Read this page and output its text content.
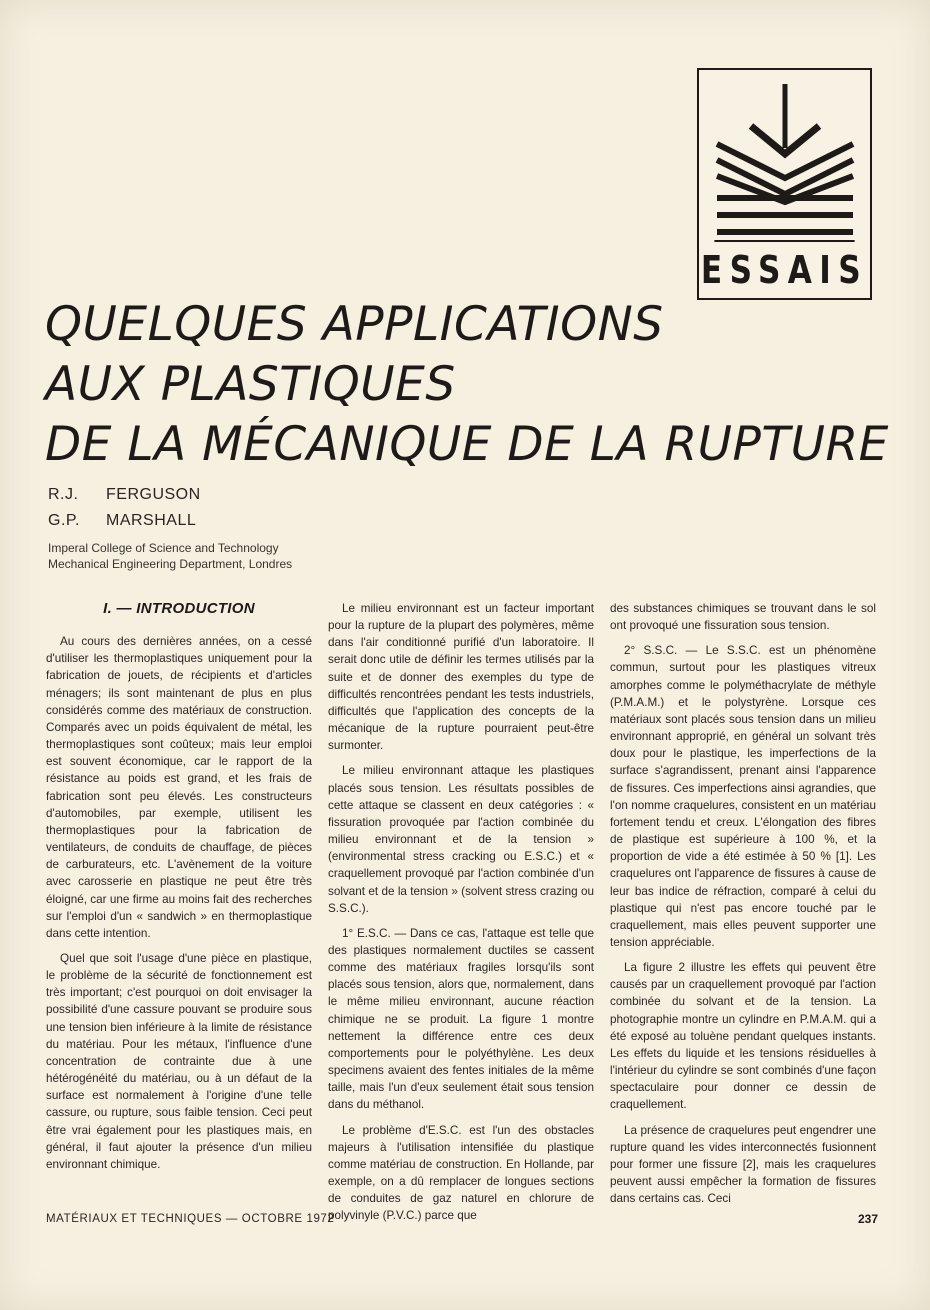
ESSAIS
QUELQUES APPLICATIONS
AUX PLASTIQUES
DE LA MÉCANIQUE DE LA RUPTURE
R.J.	FERGUSON
G.P.	MARSHALL
Imperal College of Science and Technology
Mechanical Engineering Department, Londres
I. — INTRODUCTION

Au cours des dernières années, on a cessé d'utiliser les thermoplastiques uniquement pour la fabrication de jouets, de récipients et d'articles ménagers; ils sont maintenant de plus en plus considérés comme des matériaux de construction. Comparés avec un poids équivalent de métal, les thermoplastiques sont coûteux; mais leur emploi est souvent économique, car le rapport de la résistance au poids est grand, et les frais de fabrication sont peu élevés. Les constructeurs d'automobiles, par exemple, utilisent les thermoplastiques pour la fabrication de ventilateurs, de conduits de chauffage, de pièces de carburateurs, etc. L'avènement de la voiture avec carosserie en plastique ne peut être très éloigné, car une firme au moins fait des recherches sur l'emploi d'un « sandwich » en thermoplastique dans cette intention.

Quel que soit l'usage d'une pièce en plastique, le problème de la sécurité de fonctionnement est très important; c'est pourquoi on doit envisager la possibilité d'une cassure pouvant se produire sous une tension bien inférieure à la limite de résistance du matériau. Pour les métaux, l'influence d'une concentration de contrainte due à une hétérogénéité du matériau, ou à un défaut de la surface est normalement à l'origine d'une telle cassure, ou rupture, sous faible tension. Ceci peut être vrai également pour les plastiques mais, en général, il faut ajouter la présence d'un milieu environnant chimique.

Le milieu environnant est un facteur important pour la rupture de la plupart des polymères, même dans l'air conditionné purifié d'un laboratoire. Il serait donc utile de définir les termes utilisés par la suite et de donner des exemples du type de difficultés rencontrées pendant les tests industriels, difficultés que l'application des concepts de la mécanique de la rupture pourraient peut-être surmonter.

Le milieu environnant attaque les plastiques placés sous tension. Les résultats possibles de cette attaque se classent en deux catégories : « fissuration provoquée par l'action combinée du milieu environnant et de la tension » (environmental stress cracking ou E.S.C.) et « craquellement provoqué par l'action combinée d'un solvant et de la tension » (solvent stress crazing ou S.S.C.).

1° E.S.C. — Dans ce cas, l'attaque est telle que des plastiques normalement ductiles se cassent comme des matériaux fragiles lorsqu'ils sont placés sous tension, alors que, normalement, dans le même milieu environnant, aucune réaction chimique ne se produit. La figure 1 montre nettement la différence entre ces deux comportements pour le polyéthylène. Les deux specimens avaient des fentes initiales de la même taille, mais l'un d'eux seulement était sous tension dans du méthanol.

Le problème d'E.S.C. est l'un des obstacles majeurs à l'utilisation intensifiée du plastique comme matériau de construction. En Hollande, par exemple, on a dû remplacer de longues sections de conduites de gaz naturel en chlorure de polyvinyle (P.V.C.) parce que

des substances chimiques se trouvant dans le sol ont provoqué une fissuration sous tension.

2° S.S.C. — Le S.S.C. est un phénomène commun, surtout pour les plastiques vitreux amorphes comme le polyméthacrylate de méthyle (P.M.A.M.) et le polystyrène. Lorsque ces matériaux sont placés sous tension dans un milieu environnant approprié, en général un solvant très doux pour le plastique, les imperfections de la surface s'agrandissent, prenant ainsi l'apparence de fissures. Ces imperfections ainsi agrandies, que l'on nomme craquelures, consistent en un matériau fortement tendu et creux. L'élongation des fibres de plastique est supérieure à 100 %, et la proportion de vide a été estimée à 50 % [1]. Les craquelures ont l'apparence de fissures à cause de leur bas indice de réfraction, comparé à celui du plastique qui n'est pas encore touché par le craquellement, mais elles peuvent supporter une tension appréciable.

La figure 2 illustre les effets qui peuvent être causés par un craquellement provoqué par l'action combinée du solvant et de la tension. La photographie montre un cylindre en P.M.A.M. qui a été exposé au toluène pendant quelques instants. Les effets du liquide et les tensions résiduelles à l'intérieur du cylindre se sont combinés d'une façon spectaculaire pour donner ce dessin de craquellement.

La présence de craquelures peut engendrer une rupture quand les vides interconnectés fusionnent pour former une fissure [2], mais les craquelures peuvent aussi empêcher la formation de fissures dans certains cas. Ceci

MATÉRIAUX ET TECHNIQUES — OCTOBRE 1972	237
